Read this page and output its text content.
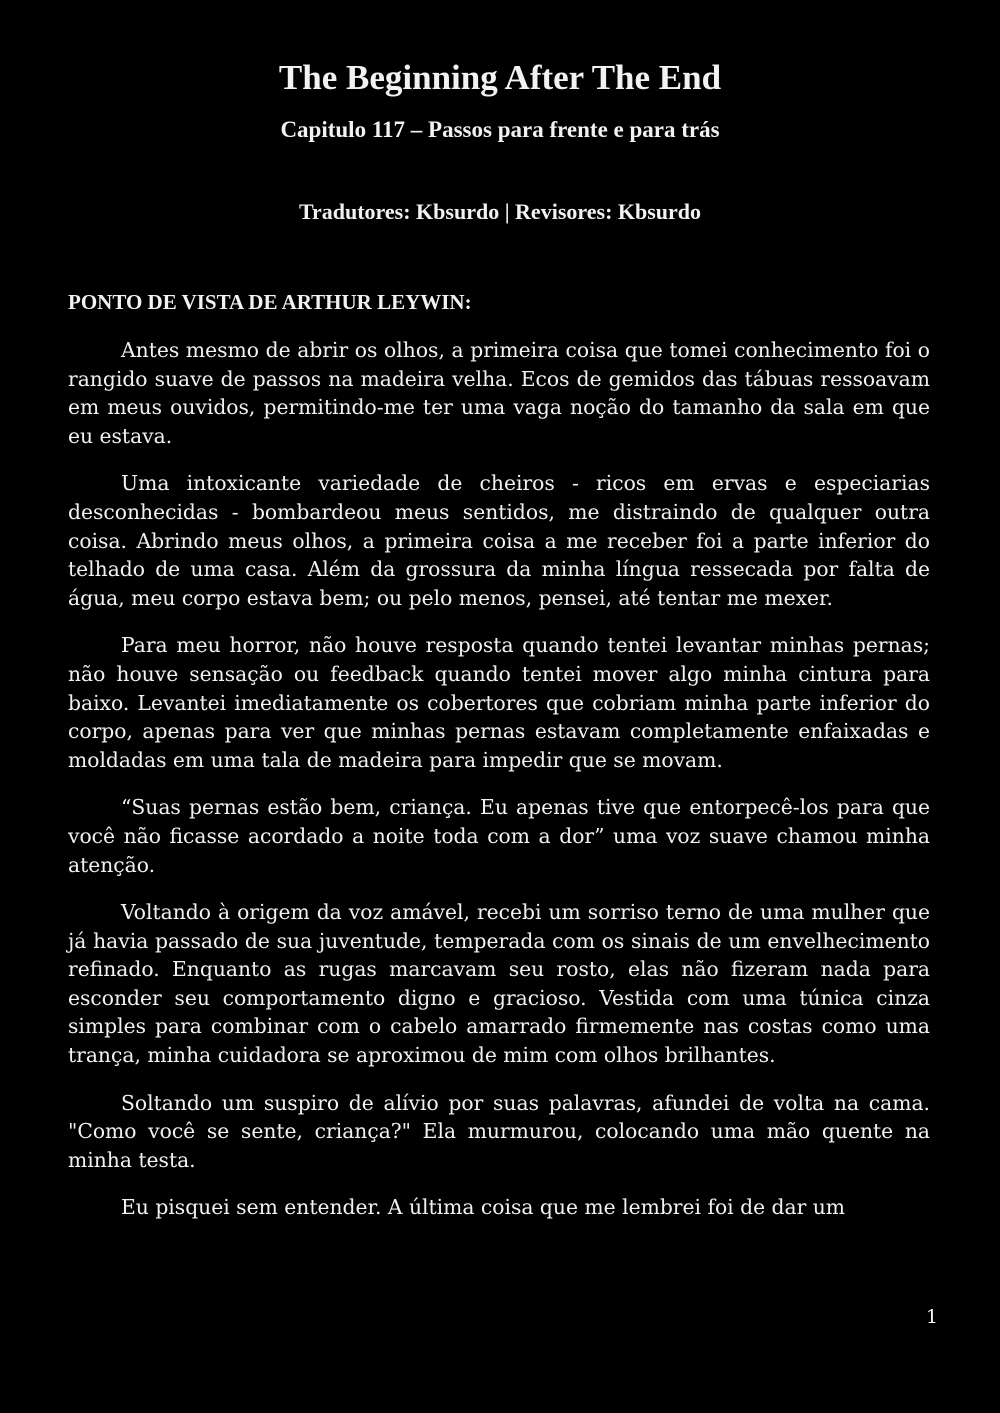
The Beginning After The End
Capitulo 117 – Passos para frente e para trás
Tradutores: Kbsurdo | Revisores: Kbsurdo
PONTO DE VISTA DE ARTHUR LEYWIN:

Antes mesmo de abrir os olhos, a primeira coisa que tomei conhecimento foi o rangido suave de passos na madeira velha. Ecos de gemidos das tábuas ressoavam em meus ouvidos, permitindo-me ter uma vaga noção do tamanho da sala em que eu estava.

Uma intoxicante variedade de cheiros - ricos em ervas e especiarias desconhecidas - bombardeou meus sentidos, me distraindo de qualquer outra coisa. Abrindo meus olhos, a primeira coisa a me receber foi a parte inferior do telhado de uma casa. Além da grossura da minha língua ressecada por falta de água, meu corpo estava bem; ou pelo menos, pensei, até tentar me mexer.

Para meu horror, não houve resposta quando tentei levantar minhas pernas; não houve sensação ou feedback quando tentei mover algo minha cintura para baixo. Levantei imediatamente os cobertores que cobriam minha parte inferior do corpo, apenas para ver que minhas pernas estavam completamente enfaixadas e moldadas em uma tala de madeira para impedir que se movam.

“Suas pernas estão bem, criança. Eu apenas tive que entorpecê-los para que você não ficasse acordado a noite toda com a dor” uma voz suave chamou minha atenção.

Voltando à origem da voz amável, recebi um sorriso terno de uma mulher que já havia passado de sua juventude, temperada com os sinais de um envelhecimento refinado. Enquanto as rugas marcavam seu rosto, elas não fizeram nada para esconder seu comportamento digno e gracioso. Vestida com uma túnica cinza simples para combinar com o cabelo amarrado firmemente nas costas como uma trança, minha cuidadora se aproximou de mim com olhos brilhantes.

Soltando um suspiro de alívio por suas palavras, afundei de volta na cama. "Como você se sente, criança?" Ela murmurou, colocando uma mão quente na minha testa.

Eu pisquei sem entender. A última coisa que me lembrei foi de dar um

1
